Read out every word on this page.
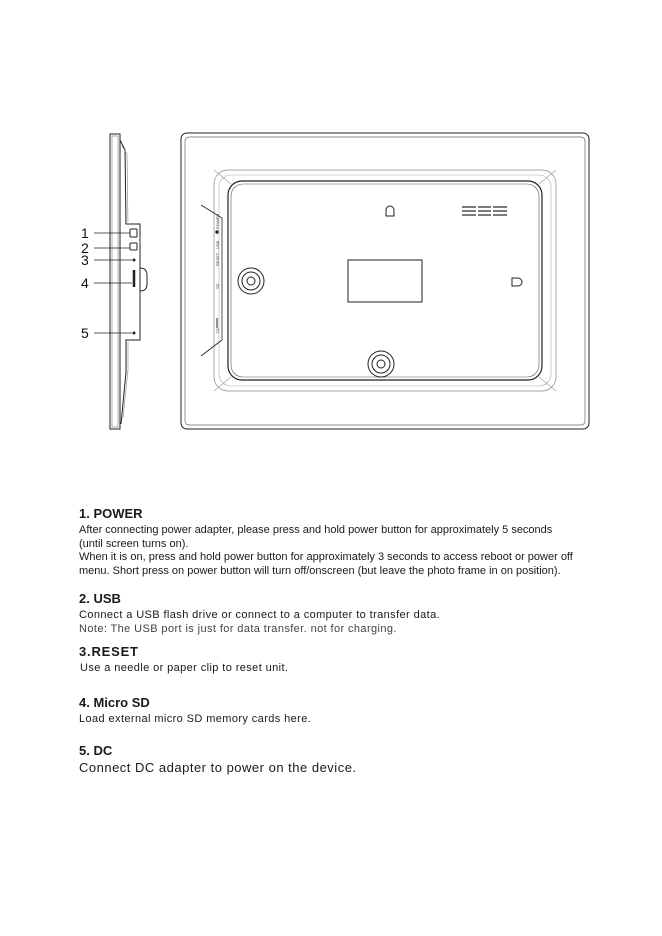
DC
SD
RESET
USB
POWER
1
2
3
4
5
1. POWER

After connecting power adapter, please press and hold power button for approximately 5 seconds

(until screen turns on).

When it is on, press and hold power button for approximately 3 seconds to access reboot or power off

menu. Short press on power button will turn off/onscreen (but leave the photo frame in on position).

2. USB

Connect a USB flash drive or connect to a computer to transfer data.

Note: The USB port is just for data transfer. not for charging.

3.RESET

Use a needle or paper clip to reset unit.

4. Micro SD

Load external micro SD memory cards here.

5. DC

Connect DC adapter to power on the device.
